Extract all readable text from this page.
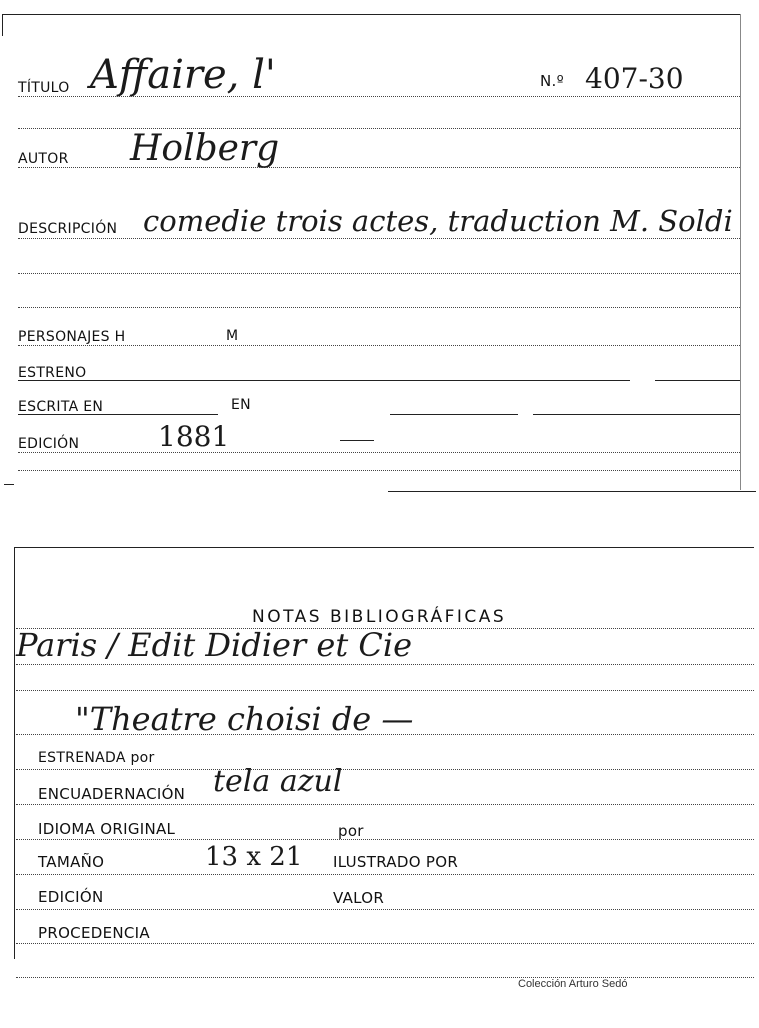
TÍTULO Affaire, l'	N.º 407-30
AUTOR Holberg
DESCRIPCIÓN comedie trois actes, traduction M. Soldi
PERSONAJES H	M
ESTRENO
ESCRITA EN	EN
EDICIÓN	1881
NOTAS BIBLIOGRÁFICAS
Paris / Edit Didier et Cie
"Theatre choisi de —
ESTRENADA por
ENCUADERNACIÓN tela azul
IDIOMA ORIGINAL	por
TAMAÑO	13 x 21 ILUSTRADO POR
EDICIÓN	VALOR
PROCEDENCIA
Colección Arturo Sedó
